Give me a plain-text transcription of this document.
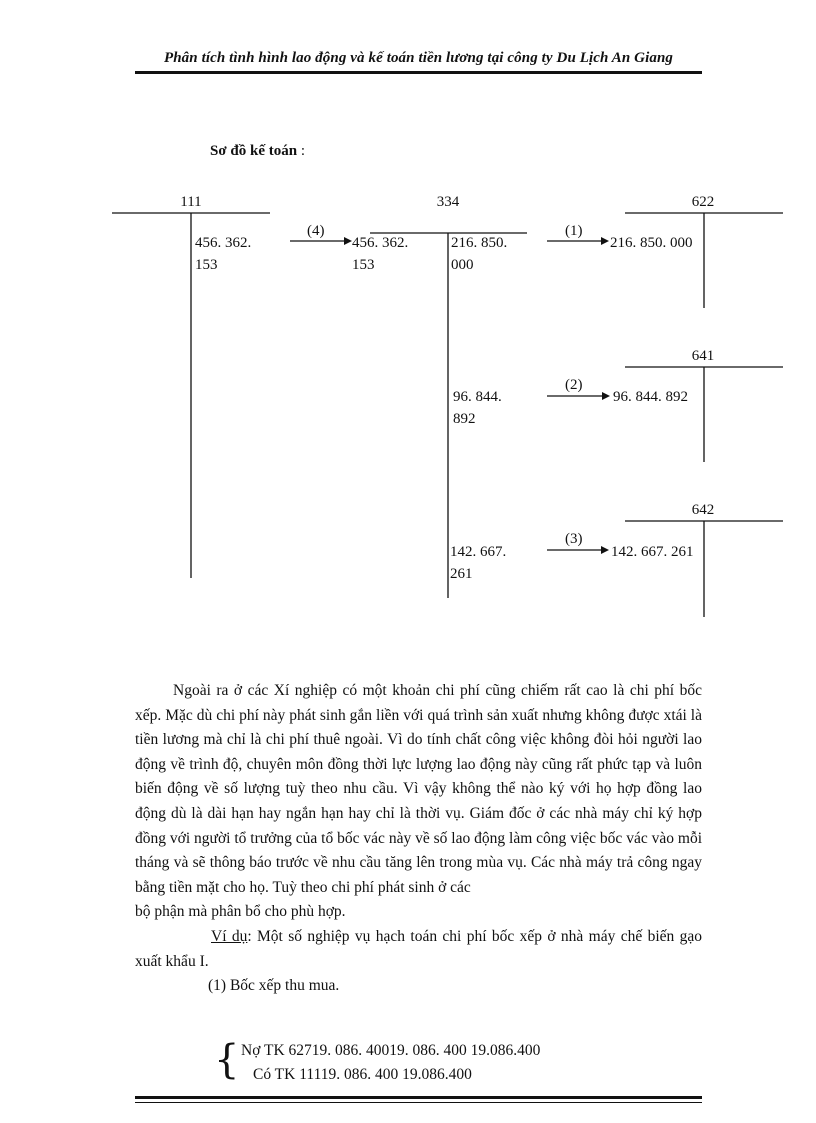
Phân tích tình hình lao động và kế toán tiền lương tại công ty Du Lịch An Giang
Sơ đồ kế toán :
111	334	622
641
642
456. 362.
153
456. 362.
153
216. 850.
000
96. 844.
892
142. 667.
261
216. 850. 000
96. 844. 892
142. 667. 261
(4)	(1)
(2)
(3)

Ngoài ra ở các Xí nghiệp có một khoản chi phí cũng chiếm rất cao là chi phí bốc xếp. Mặc dù chi phí này phát sinh gắn liền với quá trình sản xuất nhưng không được xtái là tiền lương mà chỉ là chi phí thuê ngoài. Vì do tính chất công việc không đòi hỏi người lao động về trình độ, chuyên môn đồng thời lực lượng lao động này cũng rất phức tạp và luôn biến động về số lượng tuỳ theo nhu cầu. Vì vậy không thể nào ký với họ hợp đồng lao động dù là dài hạn hay ngắn hạn hay chỉ là thời vụ. Giám đốc ở các nhà máy chỉ ký hợp đồng với người tổ trưởng của tổ bốc vác này về số lao động làm công việc bốc vác vào mỗi tháng và sẽ thông báo trước về nhu cầu tăng lên trong mùa vụ. Các nhà máy trả công ngay bằng tiền mặt cho họ. Tuỳ theo chi phí phát sinh ở các

bộ phận mà phân bổ cho phù hợp.

Ví dụ: Một số nghiệp vụ hạch toán chi phí bốc xếp ở nhà máy chế biến gạo xuất khẩu I.

(1) Bốc xếp thu mua.

{ Nợ TK 62719. 086. 40019. 086. 400 19.086.400
Có TK 11119. 086. 400 19.086.400
